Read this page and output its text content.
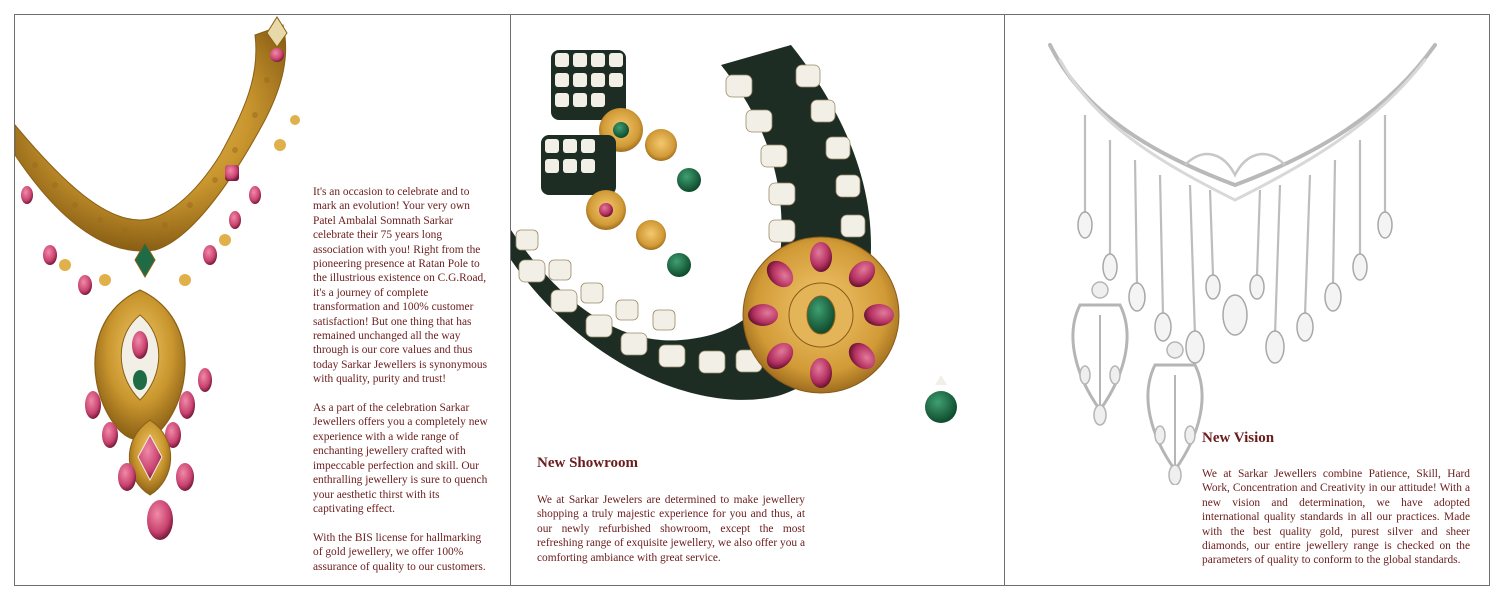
It's an occasion to celebrate and to mark an evolution! Your very own Patel Ambalal Somnath Sarkar celebrate their 75 years long association with you! Right from the pioneering presence at Ratan Pole to the illustrious existence on C.G.Road, it's a journey of complete transformation and 100% customer satisfaction! But one thing that has remained unchanged all the way through is our core values and thus today Sarkar Jewellers is synonymous with quality, purity and trust!

As a part of the celebration Sarkar Jewellers offers you a completely new experience with a wide range of enchanting jewellery crafted with impeccable perfection and skill. Our enthralling jewellery is sure to quench your aesthetic thirst with its captivating effect.

With the BIS license for hallmarking of gold jewellery, we offer 100% assurance of quality to our customers.

New Showroom

We at Sarkar Jewelers are determined to make jewellery shopping a truly majestic experience for you and thus, at our newly refurbished showroom, except the most refreshing range of exquisite jewellery, we also offer you a comforting ambiance with great service.

New Vision

We at Sarkar Jewellers combine Patience, Skill, Hard Work, Concentration and Creativity in our attitude! With a new vision and determination, we have adopted international quality standards in all our practices. Made with the best quality gold, purest silver and sheer diamonds, our entire jewellery range is checked on the parameters of quality to conform to the global standards.
